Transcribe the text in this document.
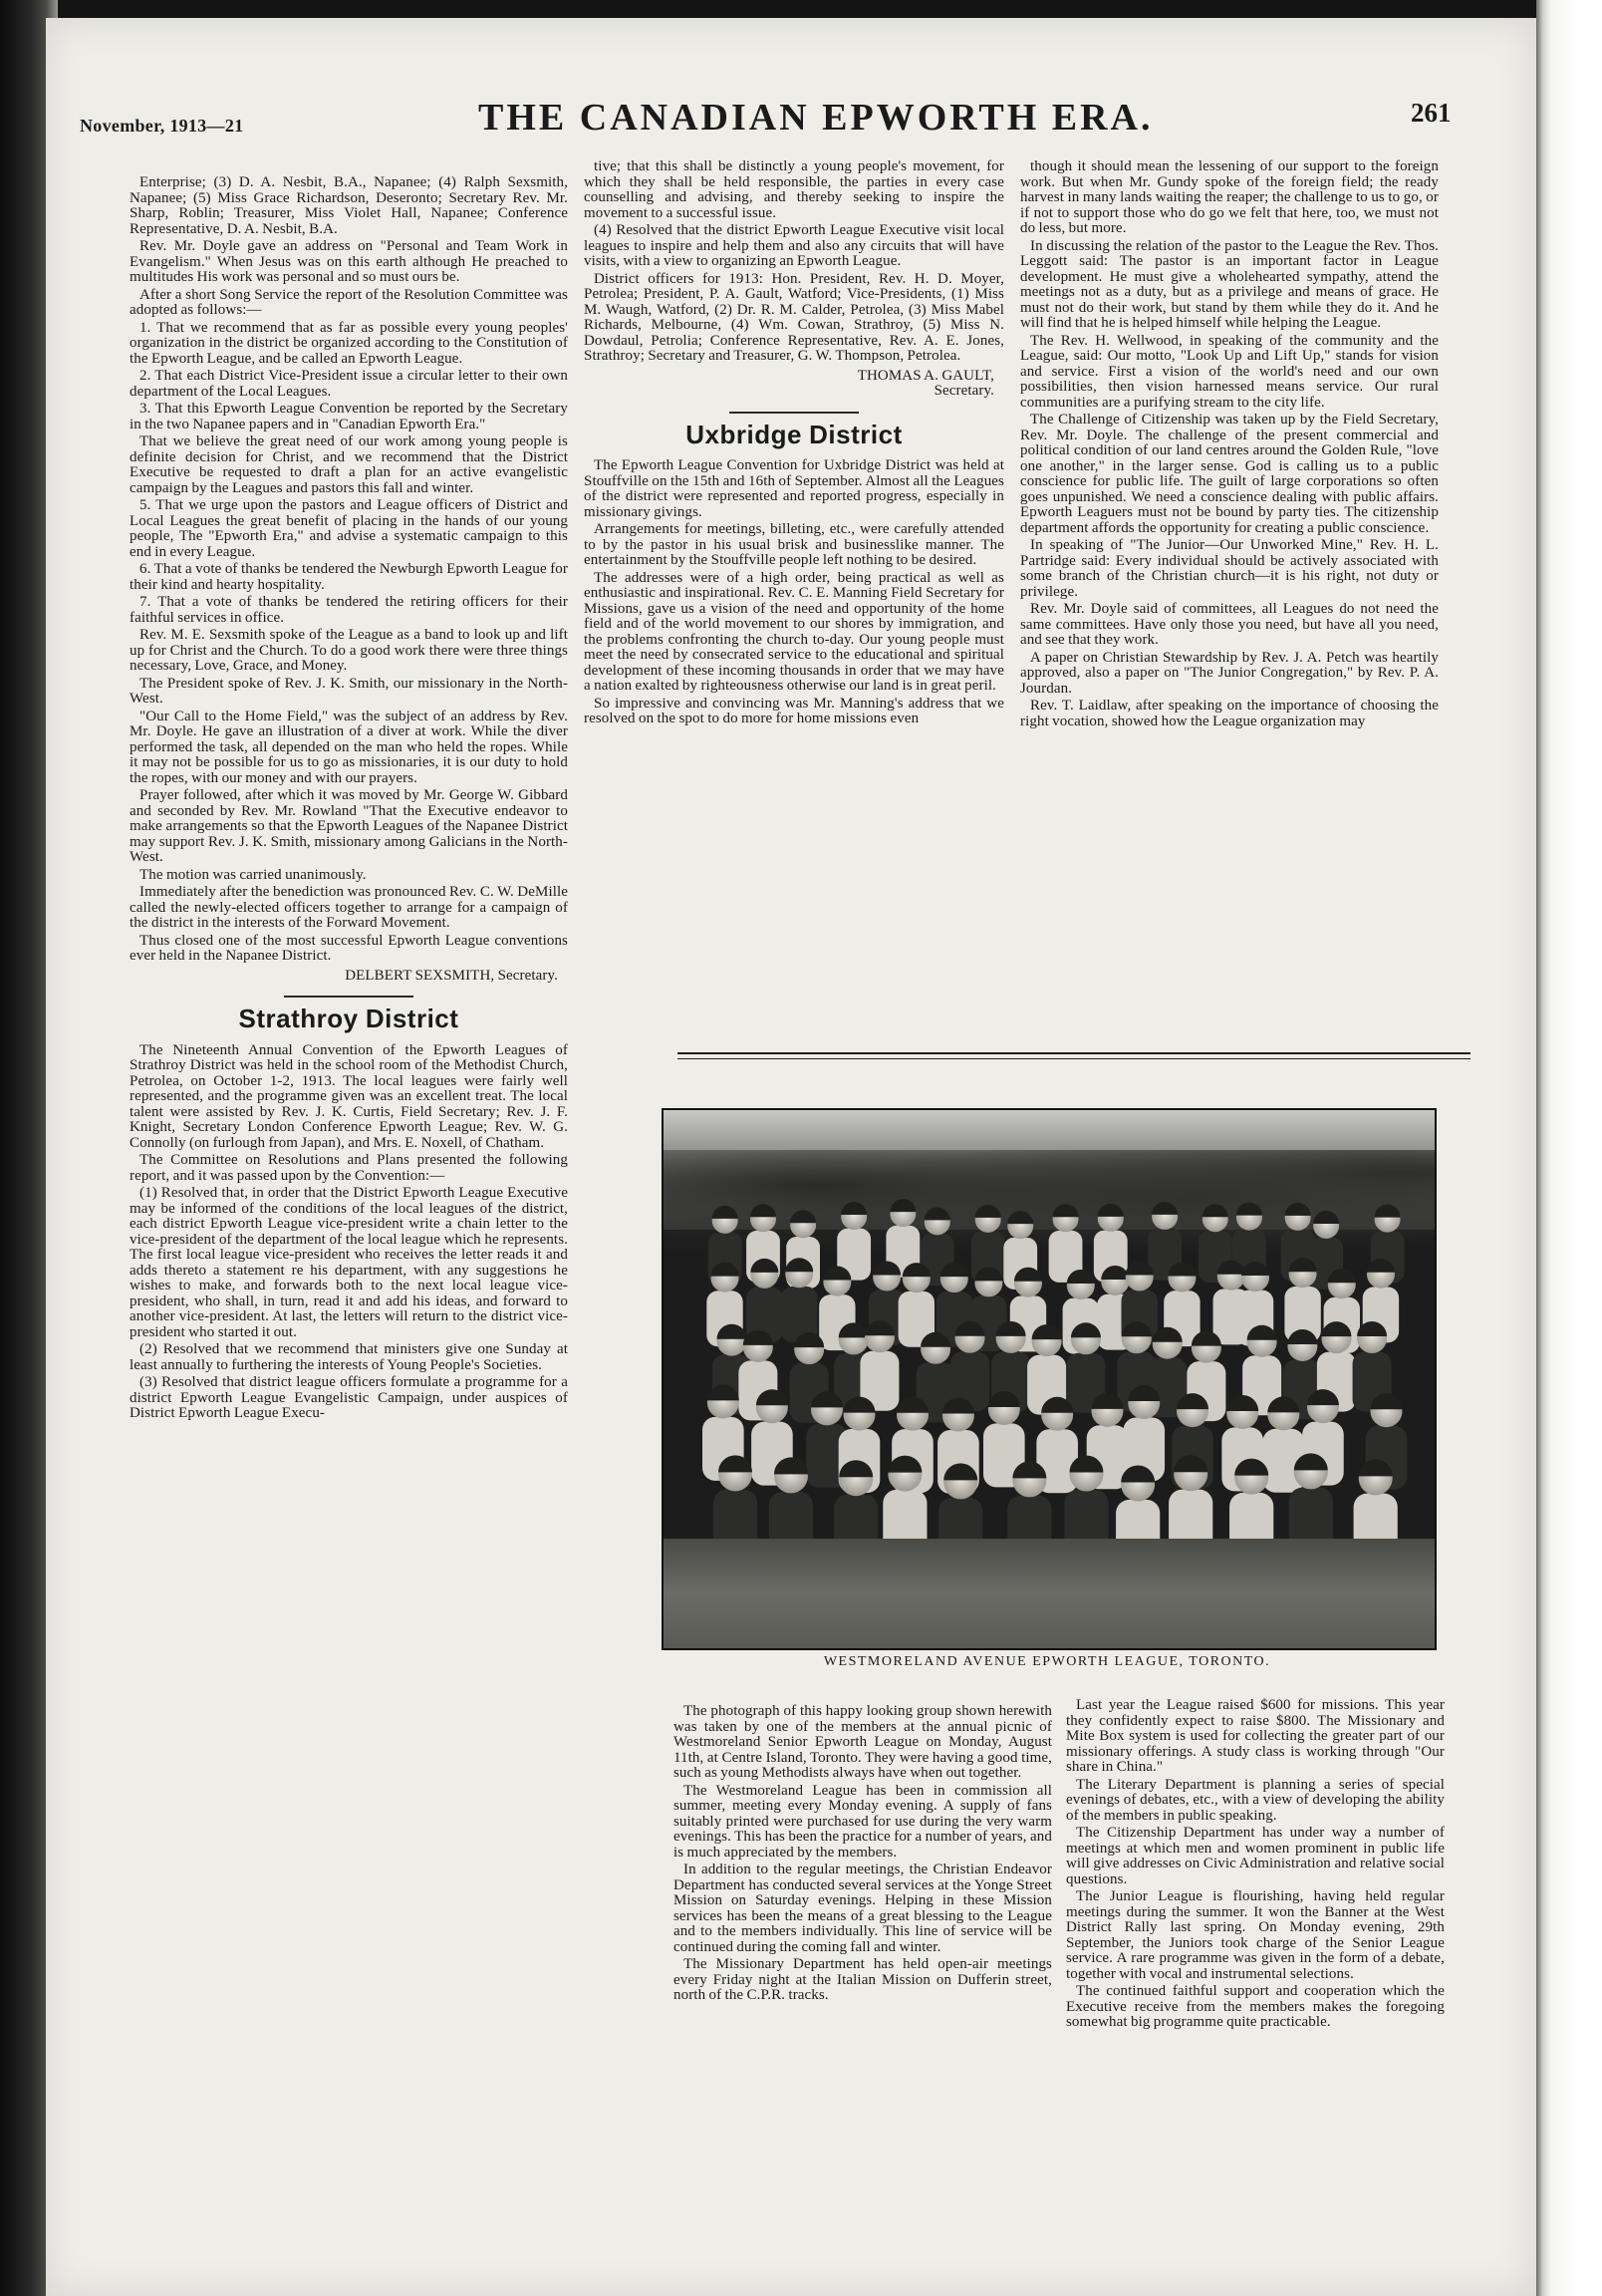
November, 1913—21	THE CANADIAN EPWORTH ERA.	261

Enterprise; (3) D. A. Nesbit, B.A., Napanee; (4) Ralph Sexsmith, Napanee; (5) Miss Grace Richardson, Deseronto; Secretary Rev. Mr. Sharp, Roblin; Treasurer, Miss Violet Hall, Napanee; Conference Representative, D. A. Nesbit, B.A.

Rev. Mr. Doyle gave an address on "Personal and Team Work in Evangelism." When Jesus was on this earth although He preached to multitudes His work was personal and so must ours be.

After a short Song Service the report of the Resolution Committee was adopted as follows:—

1. That we recommend that as far as possible every young peoples' organization in the district be organized according to the Constitution of the Epworth League, and be called an Epworth League.

2. That each District Vice-President issue a circular letter to their own department of the Local Leagues.

3. That this Epworth League Convention be reported by the Secretary in the two Napanee papers and in "Canadian Epworth Era."

That we believe the great need of our work among young people is definite decision for Christ, and we recommend that the District Executive be requested to draft a plan for an active evangelistic campaign by the Leagues and pastors this fall and winter.

5. That we urge upon the pastors and League officers of District and Local Leagues the great benefit of placing in the hands of our young people, The "Epworth Era," and advise a systematic campaign to this end in every League.

6. That a vote of thanks be tendered the Newburgh Epworth League for their kind and hearty hospitality.

7. That a vote of thanks be tendered the retiring officers for their faithful services in office.

Rev. M. E. Sexsmith spoke of the League as a band to look up and lift up for Christ and the Church. To do a good work there were three things necessary, Love, Grace, and Money.

The President spoke of Rev. J. K. Smith, our missionary in the North-West.

"Our Call to the Home Field," was the subject of an address by Rev. Mr. Doyle. He gave an illustration of a diver at work. While the diver performed the task, all depended on the man who held the ropes. While it may not be possible for us to go as missionaries, it is our duty to hold the ropes, with our money and with our prayers.

Prayer followed, after which it was moved by Mr. George W. Gibbard and seconded by Rev. Mr. Rowland "That the Executive endeavor to make arrangements so that the Epworth Leagues of the Napanee District may support Rev. J. K. Smith, missionary among Galicians in the North-West.

The motion was carried unanimously.

Immediately after the benediction was pronounced Rev. C. W. DeMille called the newly-elected officers together to arrange for a campaign of the district in the interests of the Forward Movement.

Thus closed one of the most successful Epworth League conventions ever held in the Napanee District.

DELBERT SEXSMITH, Secretary.

Strathroy District

The Nineteenth Annual Convention of the Epworth Leagues of Strathroy District was held in the school room of the Methodist Church, Petrolea, on October 1-2, 1913. The local leagues were fairly well represented, and the programme given was an excellent treat. The local talent were assisted by Rev. J. K. Curtis, Field Secretary; Rev. J. F. Knight, Secretary London Conference Epworth League; Rev. W. G. Connolly (on furlough from Japan), and Mrs. E. Noxell, of Chatham.

The Committee on Resolutions and Plans presented the following report, and it was passed upon by the Convention:—

(1) Resolved that, in order that the District Epworth League Executive may be informed of the conditions of the local leagues of the district, each district Epworth League vice-president write a chain letter to the vice-president of the department of the local league which he represents. The first local league vice-president who receives the letter reads it and adds thereto a statement re his department, with any suggestions he wishes to make, and forwards both to the next local league vice-president, who shall, in turn, read it and add his ideas, and forward to another vice-president. At last, the letters will return to the district vice-president who started it out.

(2) Resolved that we recommend that ministers give one Sunday at least annually to furthering the interests of Young People's Societies.

(3) Resolved that district league officers formulate a programme for a district Epworth League Evangelistic Campaign, under auspices of District Epworth League Execu-

tive; that this shall be distinctly a young people's movement, for which they shall be held responsible, the parties in every case counselling and advising, and thereby seeking to inspire the movement to a successful issue.

(4) Resolved that the district Epworth League Executive visit local leagues to inspire and help them and also any circuits that will have visits, with a view to organizing an Epworth League.

District officers for 1913: Hon. President, Rev. H. D. Moyer, Petrolea; President, P. A. Gault, Watford; Vice-Presidents, (1) Miss M. Waugh, Watford, (2) Dr. R. M. Calder, Petrolea, (3) Miss Mabel Richards, Melbourne, (4) Wm. Cowan, Strathroy, (5) Miss N. Dowdaul, Petrolia; Conference Representative, Rev. A. E. Jones, Strathroy; Secretary and Treasurer, G. W. Thompson, Petrolea.

THOMAS A. GAULT,

Secretary.

Uxbridge District

The Epworth League Convention for Uxbridge District was held at Stouffville on the 15th and 16th of September. Almost all the Leagues of the district were represented and reported progress, especially in missionary givings.

Arrangements for meetings, billeting, etc., were carefully attended to by the pastor in his usual brisk and businesslike manner. The entertainment by the Stouffville people left nothing to be desired.

The addresses were of a high order, being practical as well as enthusiastic and inspirational. Rev. C. E. Manning Field Secretary for Missions, gave us a vision of the need and opportunity of the home field and of the world movement to our shores by immigration, and the problems confronting the church to-day. Our young people must meet the need by consecrated service to the educational and spiritual development of these incoming thousands in order that we may have a nation exalted by righteousness otherwise our land is in great peril.

So impressive and convincing was Mr. Manning's address that we resolved on the spot to do more for home missions even

though it should mean the lessening of our support to the foreign work. But when Mr. Gundy spoke of the foreign field; the ready harvest in many lands waiting the reaper; the challenge to us to go, or if not to support those who do go we felt that here, too, we must not do less, but more.

In discussing the relation of the pastor to the League the Rev. Thos. Leggott said: The pastor is an important factor in League development. He must give a wholehearted sympathy, attend the meetings not as a duty, but as a privilege and means of grace. He must not do their work, but stand by them while they do it. And he will find that he is helped himself while helping the League.

The Rev. H. Wellwood, in speaking of the community and the League, said: Our motto, "Look Up and Lift Up," stands for vision and service. First a vision of the world's need and our own possibilities, then vision harnessed means service. Our rural communities are a purifying stream to the city life.

The Challenge of Citizenship was taken up by the Field Secretary, Rev. Mr. Doyle. The challenge of the present commercial and political condition of our land centres around the Golden Rule, "love one another," in the larger sense. God is calling us to a public conscience for public life. The guilt of large corporations so often goes unpunished. We need a conscience dealing with public affairs. Epworth Leaguers must not be bound by party ties. The citizenship department affords the opportunity for creating a public conscience.

In speaking of "The Junior—Our Unworked Mine," Rev. H. L. Partridge said: Every individual should be actively associated with some branch of the Christian church—it is his right, not duty or privilege.

Rev. Mr. Doyle said of committees, all Leagues do not need the same committees. Have only those you need, but have all you need, and see that they work.

A paper on Christian Stewardship by Rev. J. A. Petch was heartily approved, also a paper on "The Junior Congregation," by Rev. P. A. Jourdan.

Rev. T. Laidlaw, after speaking on the importance of choosing the right vocation, showed how the League organization may

WESTMORELAND AVENUE EPWORTH LEAGUE, TORONTO.

The photograph of this happy looking group shown herewith was taken by one of the members at the annual picnic of Westmoreland Senior Epworth League on Monday, August 11th, at Centre Island, Toronto. They were having a good time, such as young Methodists always have when out together.

The Westmoreland League has been in commission all summer, meeting every Monday evening. A supply of fans suitably printed were purchased for use during the very warm evenings. This has been the practice for a number of years, and is much appreciated by the members.

In addition to the regular meetings, the Christian Endeavor Department has conducted several services at the Yonge Street Mission on Saturday evenings. Helping in these Mission services has been the means of a great blessing to the League and to the members individually. This line of service will be continued during the coming fall and winter.

The Missionary Department has held open-air meetings every Friday night at the Italian Mission on Dufferin street, north of the C.P.R. tracks.

Last year the League raised $600 for missions. This year they confidently expect to raise $800. The Missionary and Mite Box system is used for collecting the greater part of our missionary offerings. A study class is working through "Our share in China."

The Literary Department is planning a series of special evenings of debates, etc., with a view of developing the ability of the members in public speaking.

The Citizenship Department has under way a number of meetings at which men and women prominent in public life will give addresses on Civic Administration and relative social questions.

The Junior League is flourishing, having held regular meetings during the summer. It won the Banner at the West District Rally last spring. On Monday evening, 29th September, the Juniors took charge of the Senior League service. A rare programme was given in the form of a debate, together with vocal and instrumental selections.

The continued faithful support and cooperation which the Executive receive from the members makes the foregoing somewhat big programme quite practicable.
